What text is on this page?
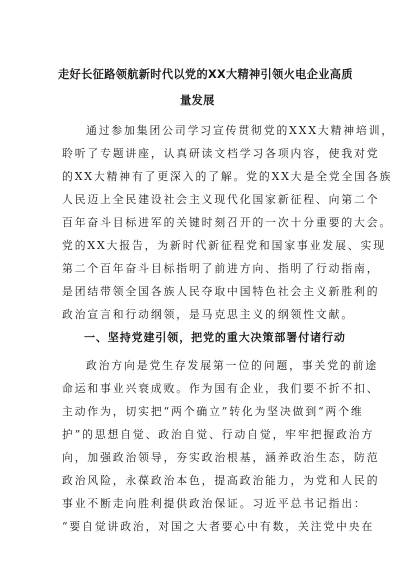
走好长征路领航新时代以党的XX大精神引领火电企业高质
量发展
通过参加集团公司学习宣传贯彻党的XXX大精神培训，
聆听了专题讲座，认真研读文档学习各项内容，使我对党
的XX大精神有了更深入的了解。党的XX大是全党全国各族
人民迈上全民建设社会主义现代化国家新征程、向第二个
百年奋斗目标进军的关键时刻召开的一次十分重要的大会。
党的XX大报告，为新时代新征程党和国家事业发展、实现
第二个百年奋斗目标指明了前进方向、指明了行动指南，
是团结带领全国各族人民夺取中国特色社会主义新胜利的
政治宣言和行动纲领，是马克思主义的纲领性文献。
一、坚持党建引领，把党的重大决策部署付诸行动
政治方向是党生存发展第一位的问题，事关党的前途
命运和事业兴衰成败。作为国有企业，我们要不折不扣、
主动作为，切实把“两个确立”转化为坚决做到“两个维
护”的思想自觉、政治自觉、行动自觉，牢牢把握政治方
向，加强政治领导，夯实政治根基，涵养政治生态，防范
政治风险，永葆政治本色，提高政治能力，为党和人民的
事业不断走向胜利提供政治保证。习近平总书记指出：
“要自觉讲政治，对国之大者要心中有数，关注党中央在
